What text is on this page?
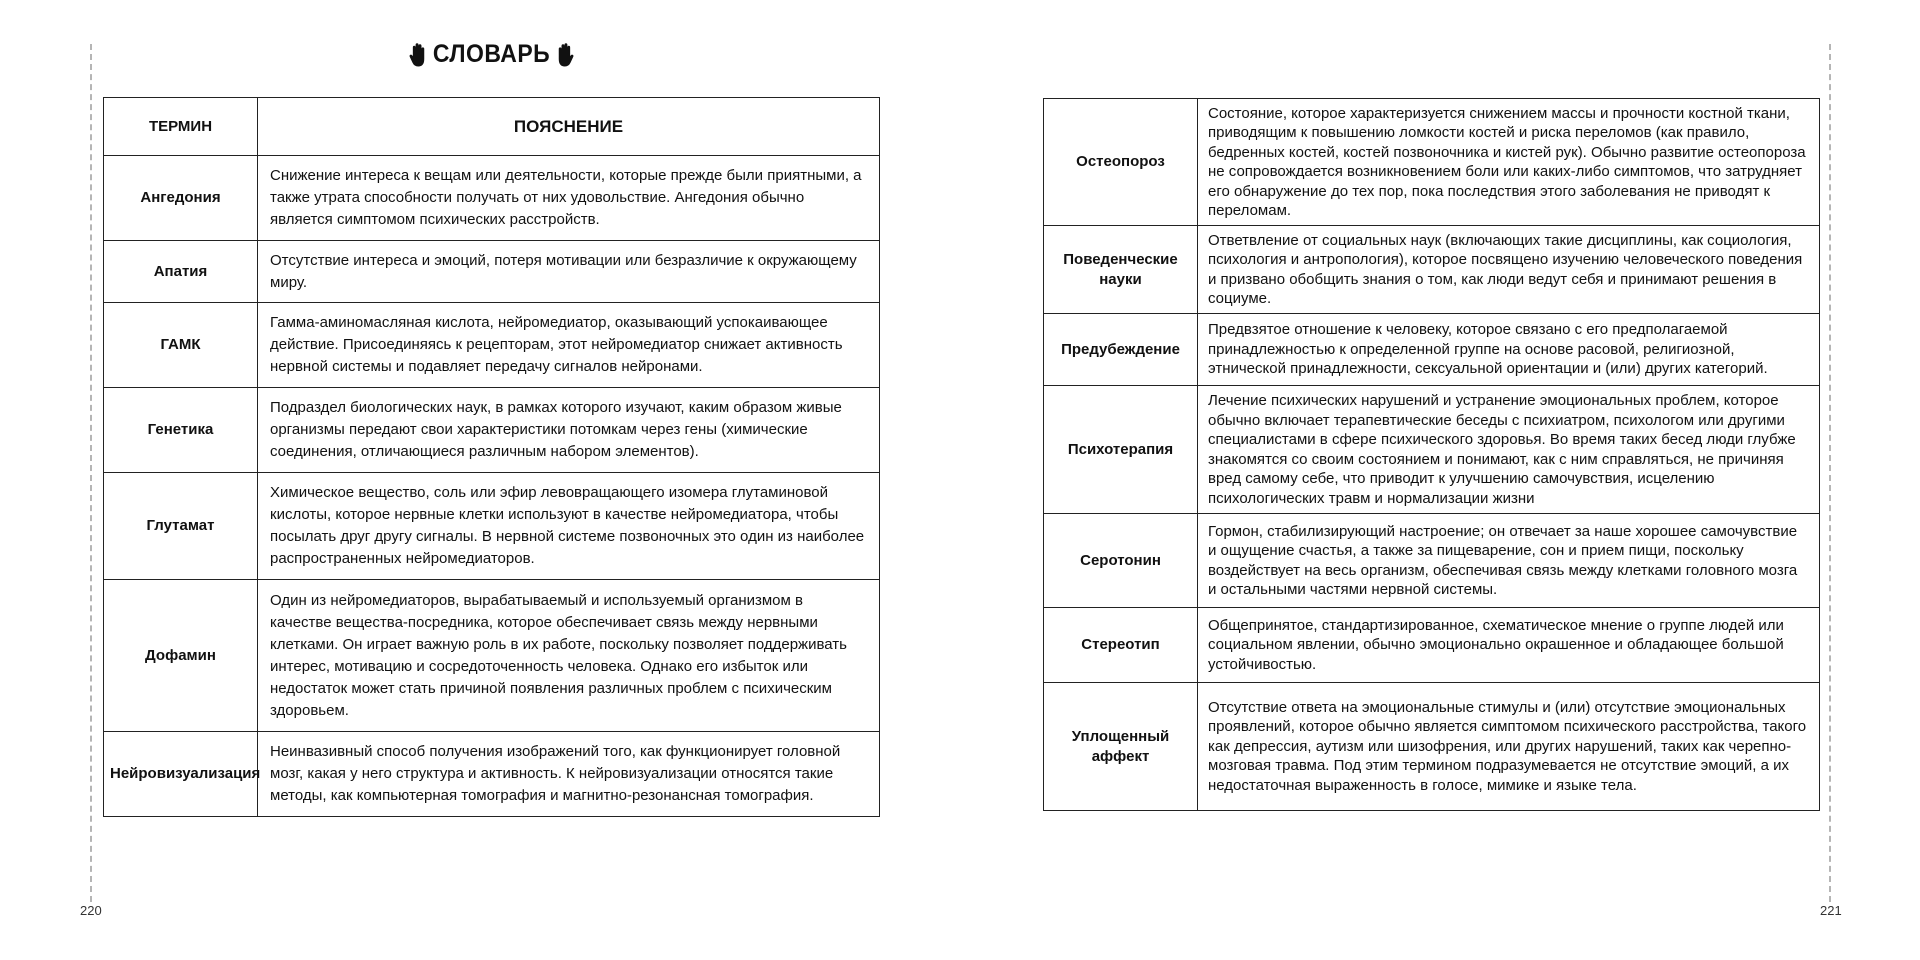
СЛОВАРЬ
ТЕРМИН	ПОЯСНЕНИЕ
Ангедония	Снижение интереса к вещам или деятельности, которые прежде были приятными, а также утрата способности получать от них удовольствие. Ангедония обычно является симптомом психических расстройств.
Апатия	Отсутствие интереса и эмоций, потеря мотивации или безразличие к окружающему миру.
ГАМК	Гамма-аминомасляная кислота, нейромедиатор, оказывающий успокаивающее действие. Присоединяясь к рецепторам, этот нейромедиатор снижает активность нервной системы и подавляет передачу сигналов нейронами.
Генетика	Подраздел биологических наук, в рамках которого изучают, каким образом живые организмы передают свои характеристики потомкам через гены (химические соединения, отличающиеся различным набором элементов).
Глутамат	Химическое вещество, соль или эфир левовращающего изомера глутаминовой кислоты, которое нервные клетки используют в качестве нейромедиатора, чтобы посылать друг другу сигналы. В нервной системе позвоночных это один из наиболее распространенных нейромедиаторов.
Дофамин	Один из нейромедиаторов, вырабатываемый и используемый организмом в качестве вещества-посредника, которое обеспечивает связь между нервными клетками. Он играет важную роль в их работе, поскольку позволяет поддерживать интерес, мотивацию и сосредоточенность человека. Однако его избыток или недостаток может стать причиной появления различных проблем с психическим здоровьем.
Нейровизуализация	Неинвазивный способ получения изображений того, как функционирует головной мозг, какая у него структура и активность. К нейровизуализации относятся такие методы, как компьютерная томография и магнитно-резонансная томография.
Остеопороз	Состояние, которое характеризуется снижением массы и прочности костной ткани, приводящим к повышению ломкости костей и риска переломов (как правило, бедренных костей, костей позвоночника и кистей рук). Обычно развитие остеопороза не сопровождается возникновением боли или каких-либо симптомов, что затрудняет его обнаружение до тех пор, пока последствия этого заболевания не приводят к переломам.
Поведенческие науки	Ответвление от социальных наук (включающих такие дисциплины, как социология, психология и антропология), которое посвящено изучению человеческого поведения и призвано обобщить знания о том, как люди ведут себя и принимают решения в социуме.
Предубеждение	Предвзятое отношение к человеку, которое связано с его предполагаемой принадлежностью к определенной группе на основе расовой, религиозной, этнической принадлежности, сексуальной ориентации и (или) других категорий.
Психотерапия	Лечение психических нарушений и устранение эмоциональных проблем, которое обычно включает терапевтические беседы с психиатром, психологом или другими специалистами в сфере психического здоровья. Во время таких бесед люди глубже знакомятся со своим состоянием и понимают, как с ним справляться, не причиняя вред самому себе, что приводит к улучшению самочувствия, исцелению психологических травм и нормализации жизни
Серотонин	Гормон, стабилизирующий настроение; он отвечает за наше хорошее самочувствие и ощущение счастья, а также за пищеварение, сон и прием пищи, поскольку воздействует на весь организм, обеспечивая связь между клетками головного мозга и остальными частями нервной системы.
Стереотип	Общепринятое, стандартизированное, схематическое мнение о группе людей или социальном явлении, обычно эмоционально окрашенное и обладающее большой устойчивостью.
Уплощенный аффект	Отсутствие ответа на эмоциональные стимулы и (или) отсутствие эмоциональных проявлений, которое обычно является симптомом психического расстройства, такого как депрессия, аутизм или шизофрения, или других нарушений, таких как черепно-мозговая травма. Под этим термином подразумевается не отсутствие эмоций, а их недостаточная выраженность в голосе, мимике и языке тела.
220	221
